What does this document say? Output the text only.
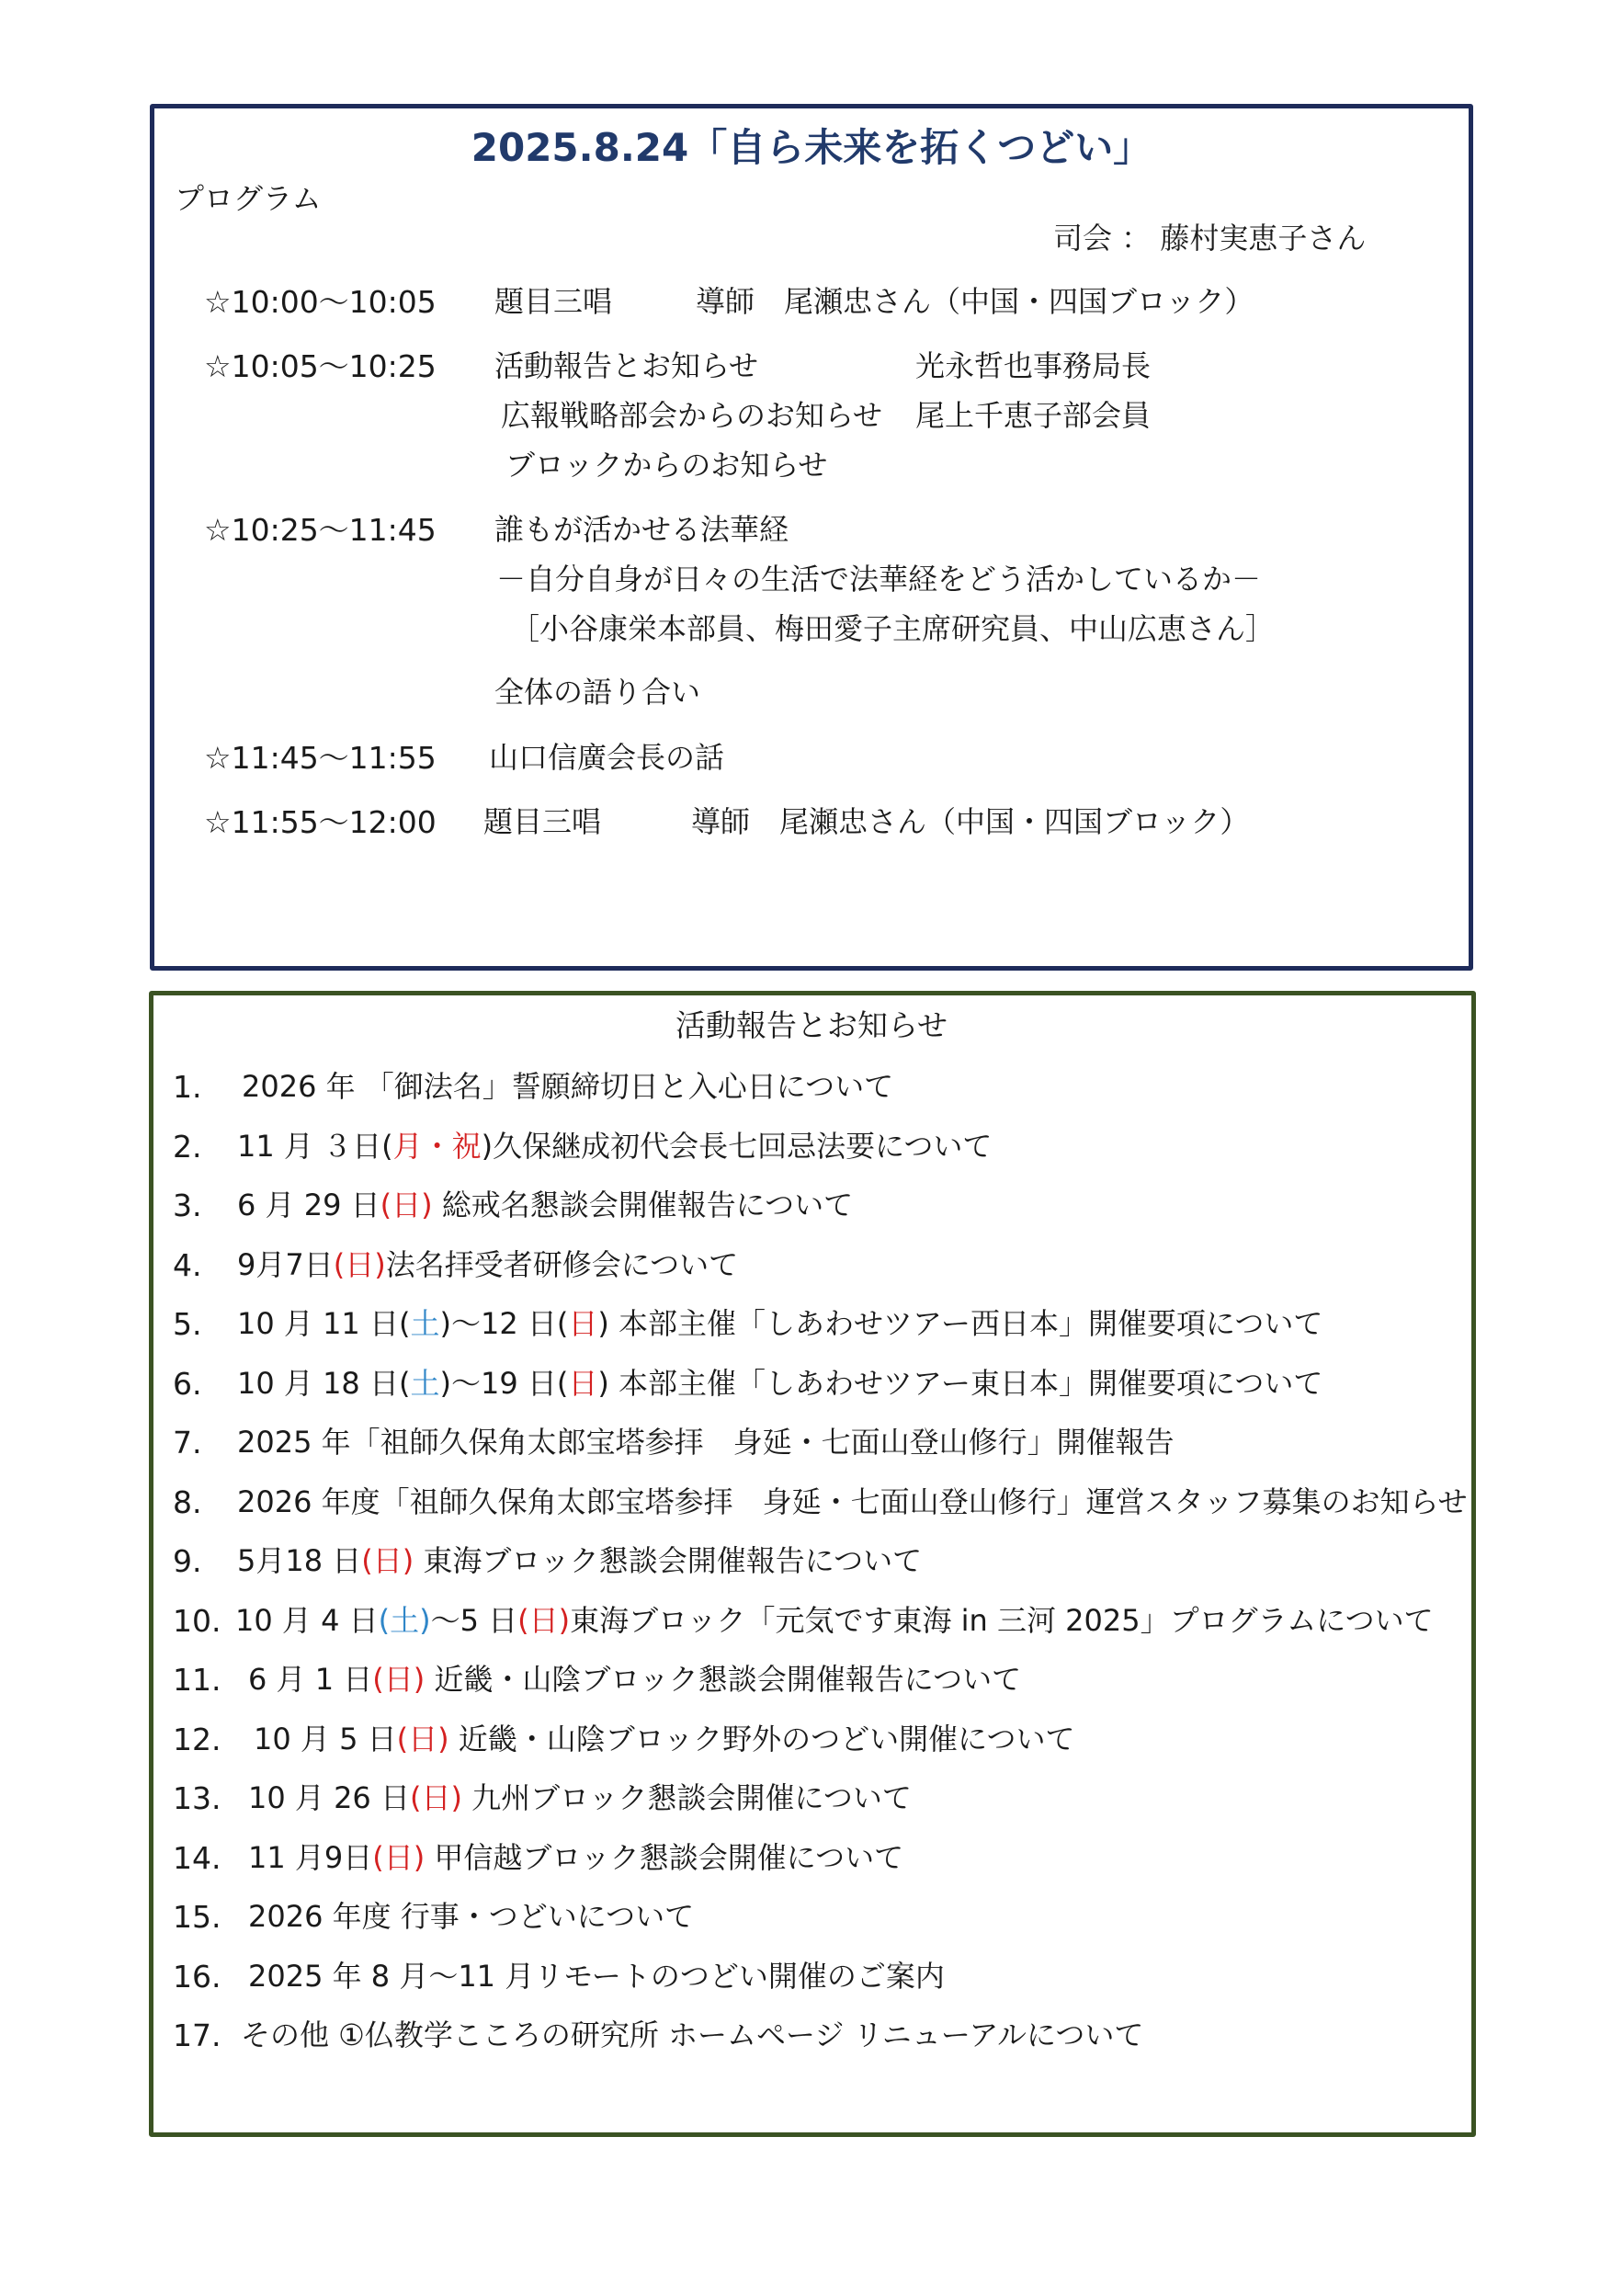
2025.8.24「自ら未来を拓くつどい」
プログラム
司会 ： 藤村実恵子さん
☆10:00～10:05 題目三唱	導師　尾瀬忠さん（中国・四国ブロック）
☆10:05～10:25 活動報告とお知らせ	光永哲也事務局長
広報戦略部会からのお知らせ 尾上千恵子部会員
ブロックからのお知らせ
☆10:25～11:45 誰もが活かせる法華経
－自分自身が日々の生活で法華経をどう活かしているか－
［小谷康栄本部員、梅田愛子主席研究員、中山広恵さん］
全体の語り合い
☆11:45～11:55 山口信廣会長の話
☆11:55～12:00 題目三唱	導師　尾瀬忠さん（中国・四国ブロック）
活動報告とお知らせ
1. 2026 年 「御法名」誓願締切日と入心日について
2. 11 月 ３日(月・祝)久保継成初代会長七回忌法要について
3. 6 月 29 日(日) 総戒名懇談会開催報告について
4. 9月7日(日)法名拝受者研修会について
5. 10 月 11 日(土)～12 日(日) 本部主催「しあわせツアー西日本」開催要項について
6. 10 月 18 日(土)～19 日(日) 本部主催「しあわせツアー東日本」開催要項について
7. 2025 年「祖師久保角太郎宝塔参拝　身延・七面山登山修行」開催報告
8. 2026 年度「祖師久保角太郎宝塔参拝　身延・七面山登山修行」運営スタッフ募集のお知らせ
9. 5月18 日(日) 東海ブロック懇談会開催報告について
10. 10 月 4 日(土)～5 日(日)東海ブロック「元気です東海 in 三河 2025」プログラムについて
11. 6 月 1 日(日) 近畿・山陰ブロック懇談会開催報告について
12. 10 月 5 日(日) 近畿・山陰ブロック野外のつどい開催について
13. 10 月 26 日(日) 九州ブロック懇談会開催について
14. 11 月9日(日) 甲信越ブロック懇談会開催について
15. 2026 年度 行事・つどいについて
16. 2025 年 8 月～11 月リモートのつどい開催のご案内
17. その他 ①仏教学こころの研究所 ホームページ リニューアルについて
